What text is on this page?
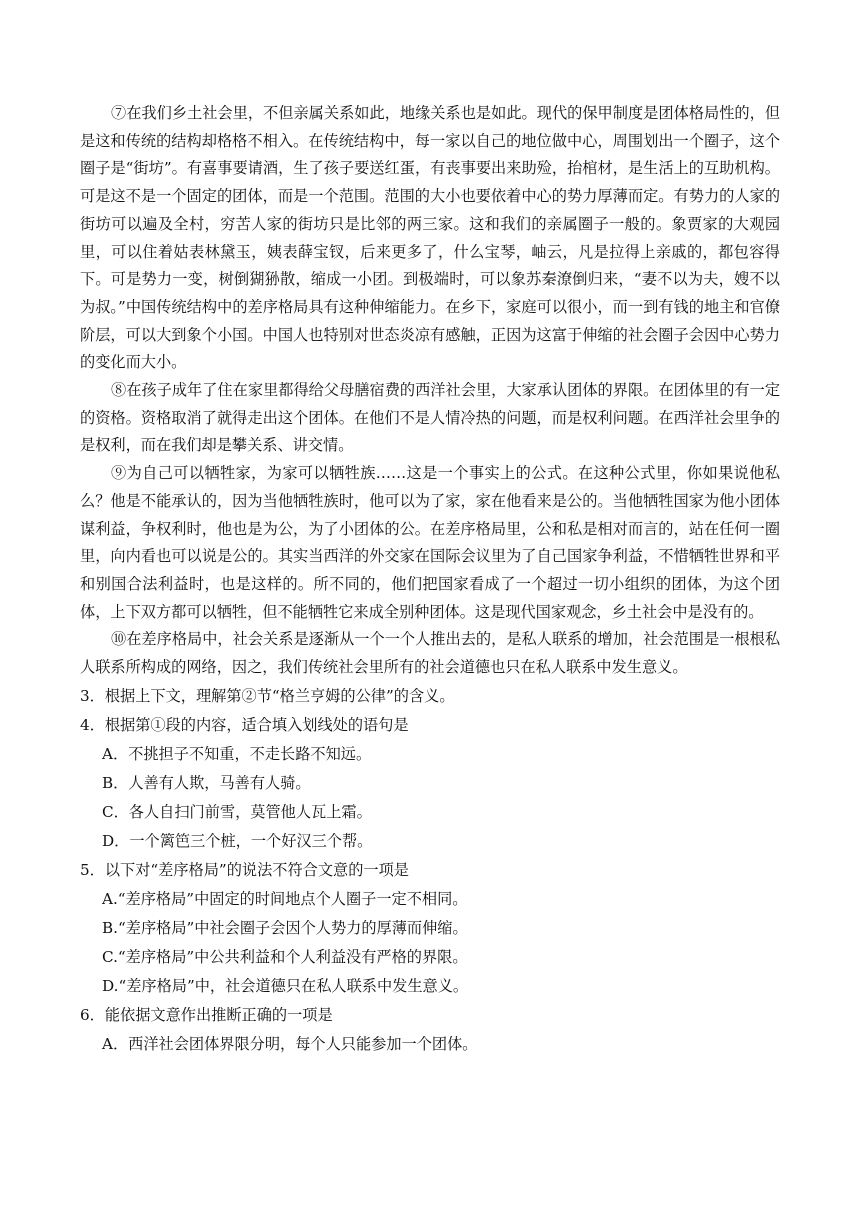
⑦在我们乡土社会里，不但亲属关系如此，地缘关系也是如此。现代的保甲制度是团体格局性的，但是这和传统的结构却格格不相入。在传统结构中，每一家以自己的地位做中心，周围划出一个圈子，这个圈子是“街坊”。有喜事要请酒，生了孩子要送红蛋，有丧事要出来助殓，抬棺材，是生活上的互助机构。可是这不是一个固定的团体，而是一个范围。范围的大小也要依着中心的势力厚薄而定。有势力的人家的街坊可以遍及全村，穷苦人家的街坊只是比邻的两三家。这和我们的亲属圈子一般的。象贾家的大观园里，可以住着姑表林黛玉，姨表薛宝钗，后来更多了，什么宝琴，岫云，凡是拉得上亲戚的，都包容得下。可是势力一变，树倒猢狲散，缩成一小团。到极端时，可以象苏秦潦倒归来，“妻不以为夫，嫂不以为叔。”中国传统结构中的差序格局具有这种伸缩能力。在乡下，家庭可以很小，而一到有钱的地主和官僚阶层，可以大到象个小国。中国人也特别对世态炎凉有感触，正因为这富于伸缩的社会圈子会因中心势力的变化而大小。

⑧在孩子成年了住在家里都得给父母膳宿费的西洋社会里，大家承认团体的界限。在团体里的有一定的资格。资格取消了就得走出这个团体。在他们不是人情冷热的问题，而是权利问题。在西洋社会里争的是权利，而在我们却是攀关系、讲交情。

⑨为自己可以牺牲家，为家可以牺牲族……这是一个事实上的公式。在这种公式里，你如果说他私么？他是不能承认的，因为当他牺牲族时，他可以为了家，家在他看来是公的。当他牺牲国家为他小团体谋利益，争权利时，他也是为公，为了小团体的公。在差序格局里，公和私是相对而言的，站在任何一圈里，向内看也可以说是公的。其实当西洋的外交家在国际会议里为了自己国家争利益，不惜牺牲世界和平和别国合法利益时，也是这样的。所不同的，他们把国家看成了一个超过一切小组织的团体，为这个团体，上下双方都可以牺牲，但不能牺牲它来成全别种团体。这是现代国家观念，乡土社会中是没有的。

⑩在差序格局中，社会关系是逐渐从一个一个人推出去的，是私人联系的增加，社会范围是一根根私人联系所构成的网络，因之，我们传统社会里所有的社会道德也只在私人联系中发生意义。

3．根据上下文，理解第②节“格兰亨姆的公律”的含义。

4．根据第①段的内容，适合填入划线处的语句是

A．不挑担子不知重，不走长路不知远。

B．人善有人欺，马善有人骑。

C．各人自扫门前雪，莫管他人瓦上霜。

D．一个篱笆三个桩，一个好汉三个帮。

5．以下对“差序格局”的说法不符合文意的一项是

A.“差序格局”中固定的时间地点个人圈子一定不相同。

B.“差序格局”中社会圈子会因个人势力的厚薄而伸缩。

C.“差序格局”中公共利益和个人利益没有严格的界限。

D.“差序格局”中，社会道德只在私人联系中发生意义。

6．能依据文意作出推断正确的一项是

A．西洋社会团体界限分明，每个人只能参加一个团体。
